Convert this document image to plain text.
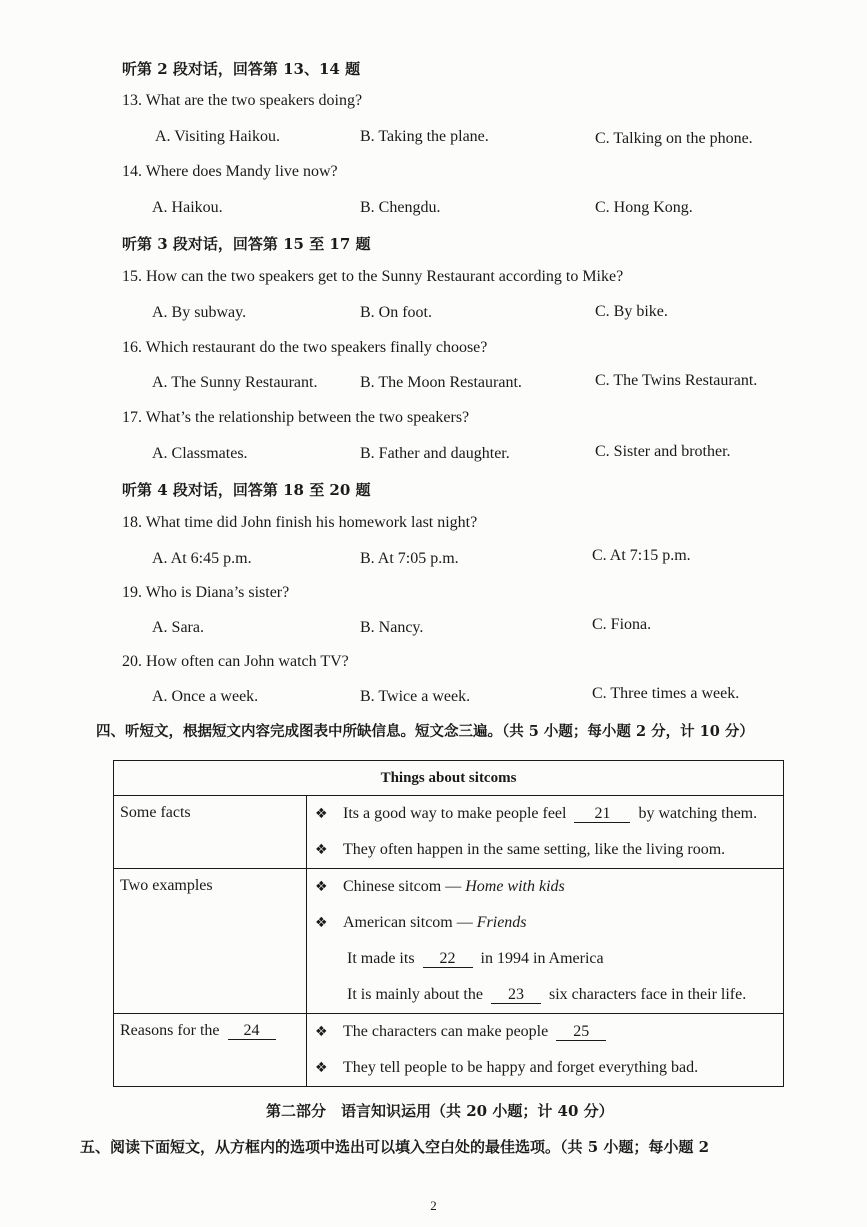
听第 2 段对话，回答第 13、14 题
13. What are the two speakers doing?
A. Visiting Haikou.	B. Taking the plane.	C. Talking on the phone.
14. Where does Mandy live now?
A. Haikou.	B. Chengdu.	C. Hong Kong.
听第 3 段对话，回答第 15 至 17 题
15. How can the two speakers get to the Sunny Restaurant according to Mike?
A. By subway.	B. On foot.	C. By bike.
16. Which restaurant do the two speakers finally choose?
A. The Sunny Restaurant.	B. The Moon Restaurant.	C. The Twins Restaurant.
17. What’s the relationship between the two speakers?
A. Classmates.	B. Father and daughter.	C. Sister and brother.
听第 4 段对话，回答第 18 至 20 题
18. What time did John finish his homework last night?
A. At 6:45 p.m.	B. At 7:05 p.m.	C. At 7:15 p.m.
19. Who is Diana’s sister?
A. Sara.	B. Nancy.	C. Fiona.
20. How often can John watch TV?
A. Once a week.	B. Twice a week.	C. Three times a week.
四、听短文，根据短文内容完成图表中所缺信息。短文念三遍。（共 5 小题；每小题 2 分，计 10 分）
Things about sitcoms	

Some facts	❖ Its a good way to make people feel 21 by watching them.
❖ They often happen in the same setting, like the living room.

Two examples	❖ Chinese sitcom — Home with kids
❖ American sitcom — Friends
It made its 22 in 1994 in America
It is mainly about the 23 six characters face in their life.

Reasons for the 24	❖ The characters can make people 25
❖ They tell people to be happy and forget everything bad.
第二部分　语言知识运用（共 20 小题；计 40 分）
五、阅读下面短文，从方框内的选项中选出可以填入空白处的最佳选项。（共 5 小题；每小题 2
2
